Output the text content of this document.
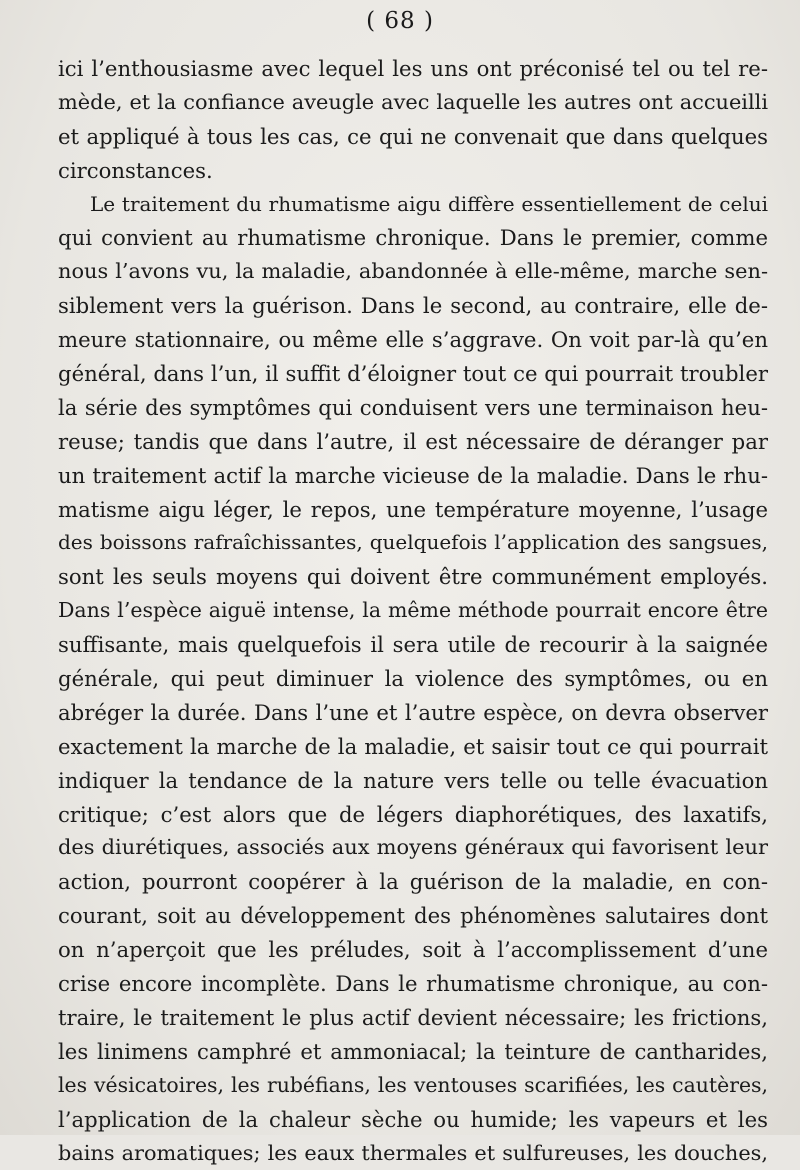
( 68 )
ici l’enthousiasme avec lequel les uns ont préconisé tel ou tel re-
mède, et la confiance aveugle avec laquelle les autres ont accueilli
et appliqué à tous les cas, ce qui ne convenait que dans quelques
circonstances.
Le traitement du rhumatisme aigu diffère essentiellement de celui
qui convient au rhumatisme chronique. Dans le premier, comme
nous l’avons vu, la maladie, abandonnée à elle-même, marche sen-
siblement vers la guérison. Dans le second, au contraire, elle de-
meure stationnaire, ou même elle s’aggrave. On voit par-là qu’en
général, dans l’un, il suffit d’éloigner tout ce qui pourrait troubler
la série des symptômes qui conduisent vers une terminaison heu-
reuse; tandis que dans l’autre, il est nécessaire de déranger par
un traitement actif la marche vicieuse de la maladie. Dans le rhu-
matisme aigu léger, le repos, une température moyenne, l’usage
des boissons rafraîchissantes, quelquefois l’application des sangsues,
sont les seuls moyens qui doivent être communément employés.
Dans l’espèce aiguë intense, la même méthode pourrait encore être
suffisante, mais quelquefois il sera utile de recourir à la saignée
générale, qui peut diminuer la violence des symptômes, ou en
abréger la durée. Dans l’une et l’autre espèce, on devra observer
exactement la marche de la maladie, et saisir tout ce qui pourrait
indiquer la tendance de la nature vers telle ou telle évacuation
critique; c’est alors que de légers diaphorétiques, des laxatifs,
des diurétiques, associés aux moyens généraux qui favorisent leur
action, pourront coopérer à la guérison de la maladie, en con-
courant, soit au développement des phénomènes salutaires dont
on n’aperçoit que les préludes, soit à l’accomplissement d’une
crise encore incomplète. Dans le rhumatisme chronique, au con-
traire, le traitement le plus actif devient nécessaire; les frictions,
les linimens camphré et ammoniacal; la teinture de cantharides,
les vésicatoires, les rubéfians, les ventouses scarifiées, les cautères,
l’application de la chaleur sèche ou humide; les vapeurs et les
bains aromatiques; les eaux thermales et sulfureuses, les douches,
